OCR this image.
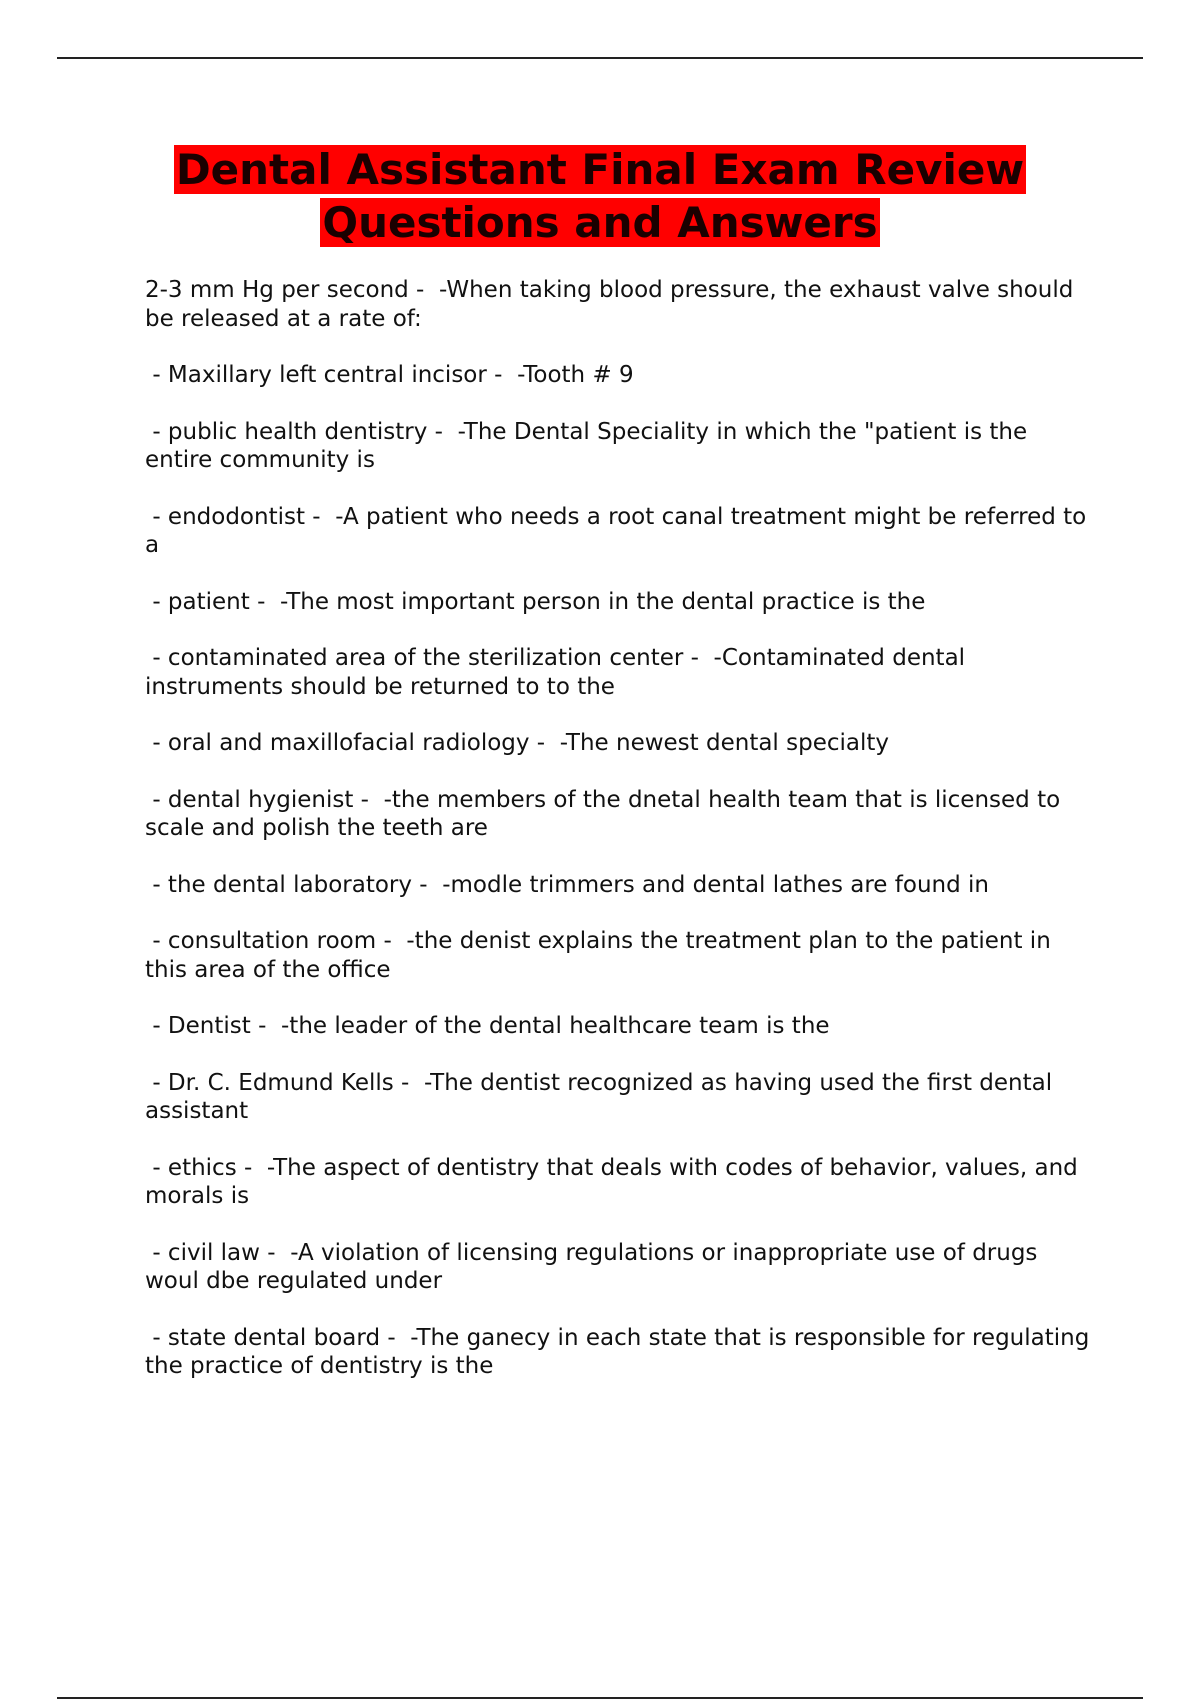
Dental Assistant Final Exam Review
Questions and Answers
2-3 mm Hg per second -  -When taking blood pressure, the exhaust valve should be released at a rate of:
- Maxillary left central incisor -  -Tooth # 9
- public health dentistry -  -The Dental Speciality in which the "patient is the entire community is
- endodontist -  -A patient who needs a root canal treatment might be referred to a
- patient -  -The most important person in the dental practice is the
- contaminated area of the sterilization center -  -Contaminated dental instruments should be returned to to the
- oral and maxillofacial radiology -  -The newest dental specialty
- dental hygienist -  -the members of the dnetal health team that is licensed to scale and polish the teeth are
- the dental laboratory -  -modle trimmers and dental lathes are found in
- consultation room -  -the denist explains the treatment plan to the patient in this area of the office
- Dentist -  -the leader of the dental healthcare team is the
- Dr. C. Edmund Kells -  -The dentist recognized as having used the first dental assistant
- ethics -  -The aspect of dentistry that deals with codes of behavior, values, and morals is
- civil law -  -A violation of licensing regulations or inappropriate use of drugs woul dbe regulated under
- state dental board -  -The ganecy in each state that is responsible for regulating the practice of dentistry is the
